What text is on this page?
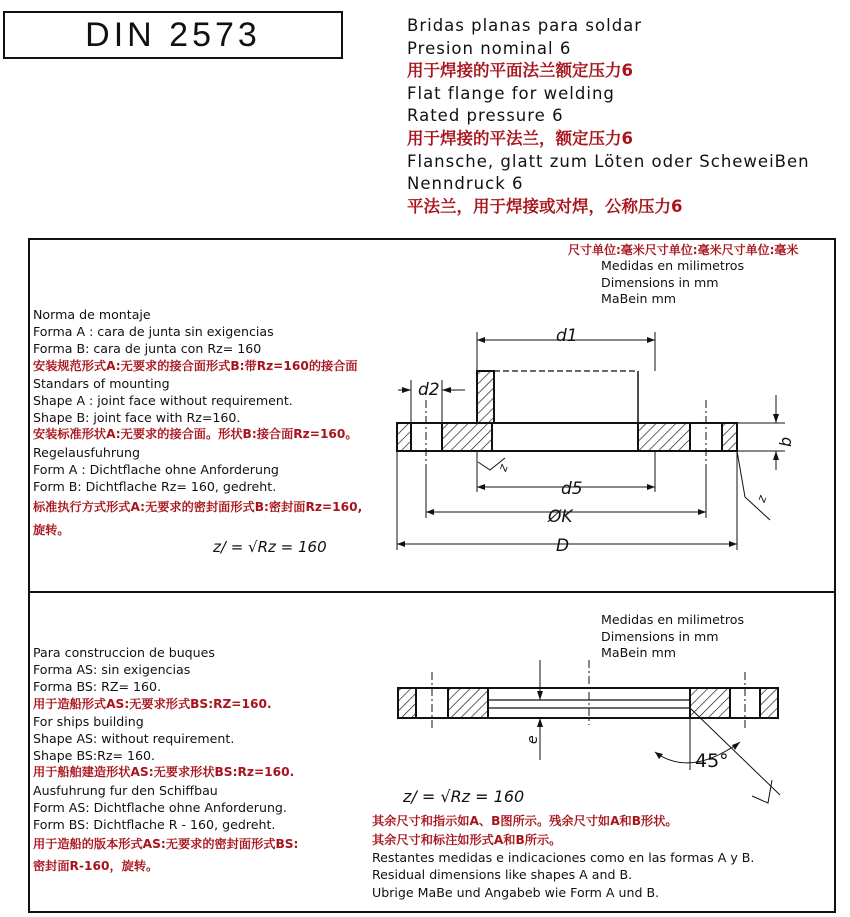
DIN 2573	Bridas planas para soldar
Presion nominal 6
用于焊接的平面法兰额定压力6
Flat flange for welding
Rated pressure 6
用于焊接的平法兰，额定压力6
Flansche, glatt zum Löten oder ScheweiBen
Nenndruck 6
平法兰，用于焊接或对焊，公称压力6
尺寸单位:毫米尺寸单位:毫米尺寸单位:毫米
Medidas en milimetros
Dimensions in mm
MaBein mm
Norma de montaje
Forma A : cara de junta sin exigencias
Forma B: cara de junta con Rz= 160
安装规范形式A:无要求的接合面形式B:带Rz=160的接合面
Standars of mounting
Shape A : joint face without requirement.
Shape B: joint face with Rz=160.
安装标准形状A:无要求的接合面。形状B:接合面Rz=160。
Regelausfuhrung
Form A : Dichtflache ohne Anforderung
Form B: Dichtflache Rz= 160, gedreht.
标准执行方式形式A:无要求的密封面形式B:密封面Rz=160,
旋转。
d1
d2
d5
ØK
D
b
z
z
z/ = √Rz = 160
e
45°
z/ = √Rz = 160
Medidas en milimetros
Dimensions in mm
MaBein mm
Para construccion de buques
Forma AS: sin exigencias
Forma BS: RZ= 160.
用于造船形式AS:无要求形式BS:RZ=160.
For ships building
Shape AS: without requirement.
Shape BS:Rz= 160.
用于船舶建造形状AS:无要求形状BS:Rz=160.
Ausfuhrung fur den Schiffbau
Form AS: Dichtflache ohne Anforderung.
Form BS: Dichtflache R - 160, gedreht.
用于造船的版本形式AS:无要求的密封面形式BS:
密封面R-160，旋转。
其余尺寸和指示如A、B图所示。残余尺寸如A和B形状。
其余尺寸和标注如形式A和B所示。
Restantes medidas e indicaciones como en las formas A y B.
Residual dimensions like shapes A and B.
Ubrige MaBe und Angabeb wie Form A und B.
